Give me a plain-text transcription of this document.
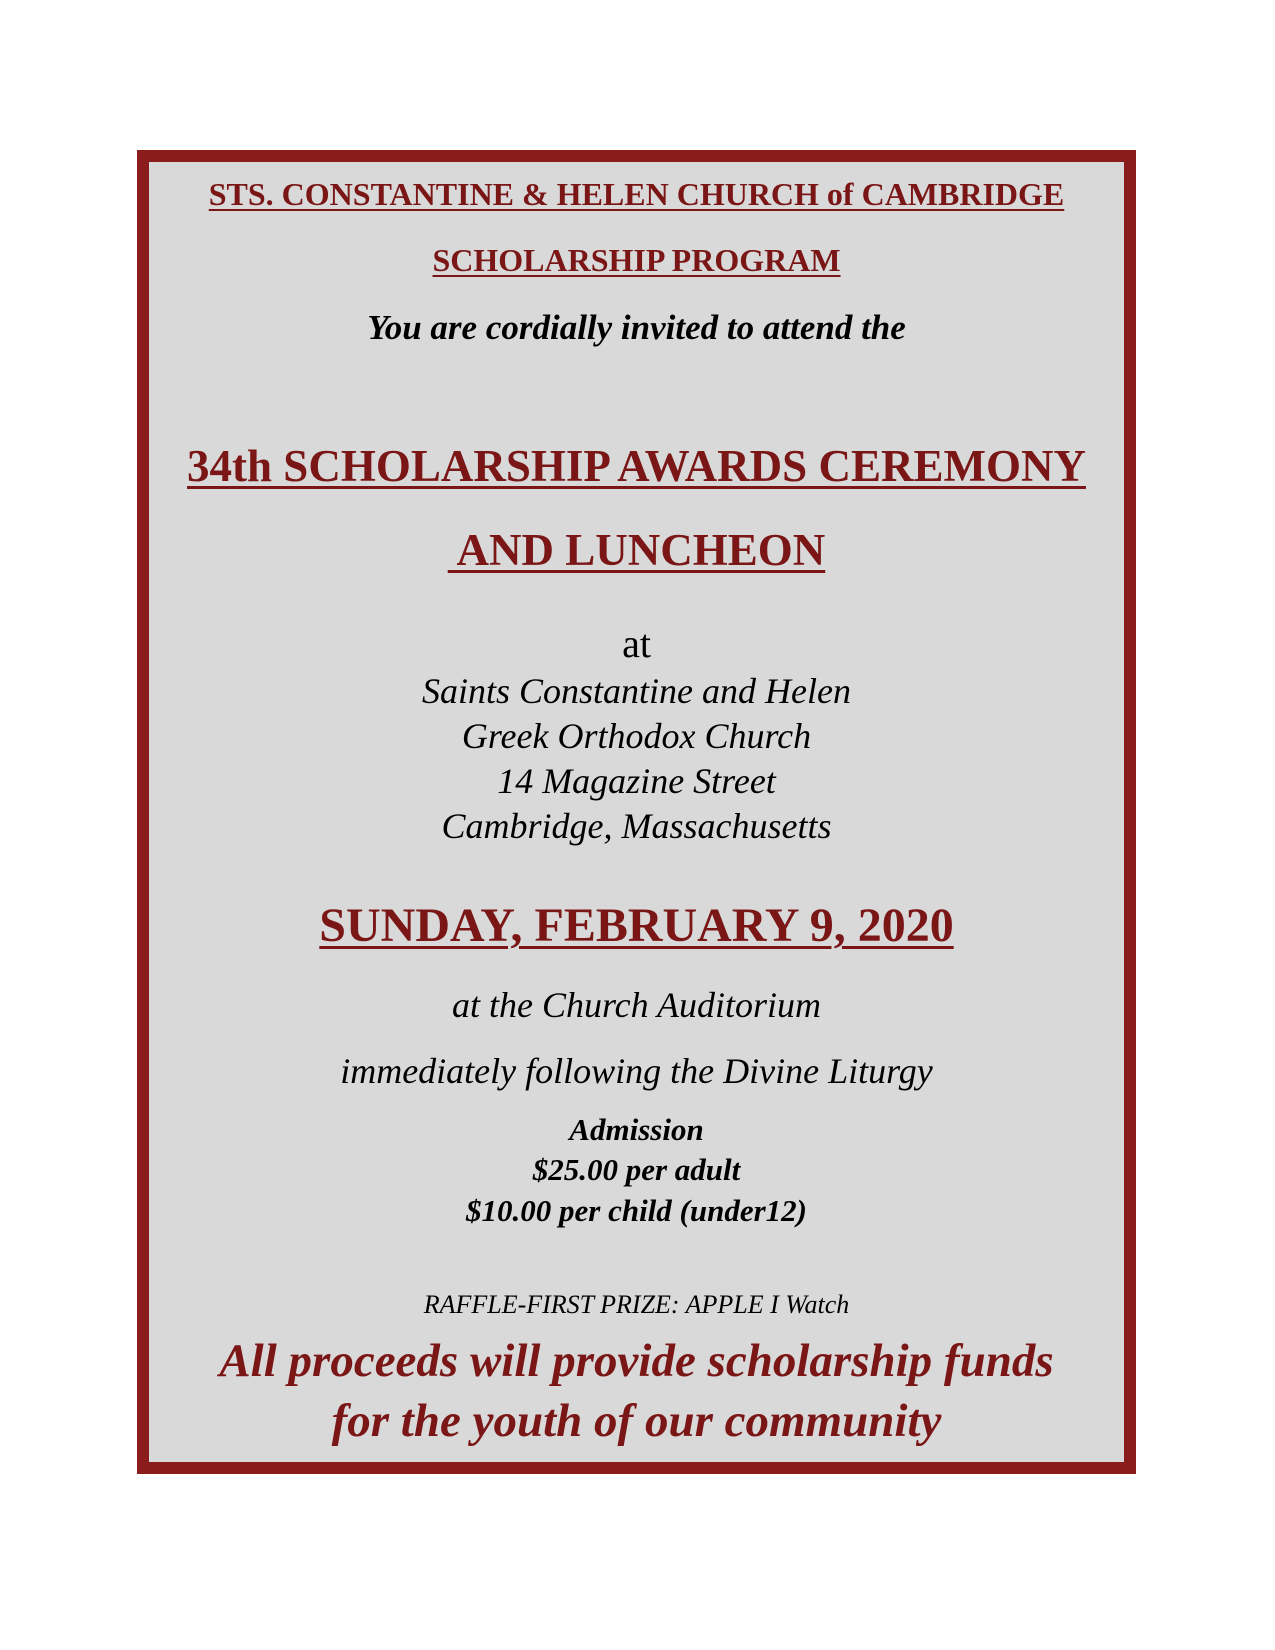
STS. CONSTANTINE & HELEN CHURCH of CAMBRIDGE

SCHOLARSHIP PROGRAM

You are cordially invited to attend the

34th SCHOLARSHIP AWARDS CEREMONY

AND LUNCHEON

at

Saints Constantine and Helen

Greek Orthodox Church

14 Magazine Street

Cambridge, Massachusetts

SUNDAY, FEBRUARY 9, 2020

at the Church Auditorium

immediately following the Divine Liturgy

Admission

$25.00 per adult

$10.00 per child (under12)

RAFFLE-FIRST PRIZE: APPLE I Watch

All proceeds will provide scholarship funds

for the youth of our community
